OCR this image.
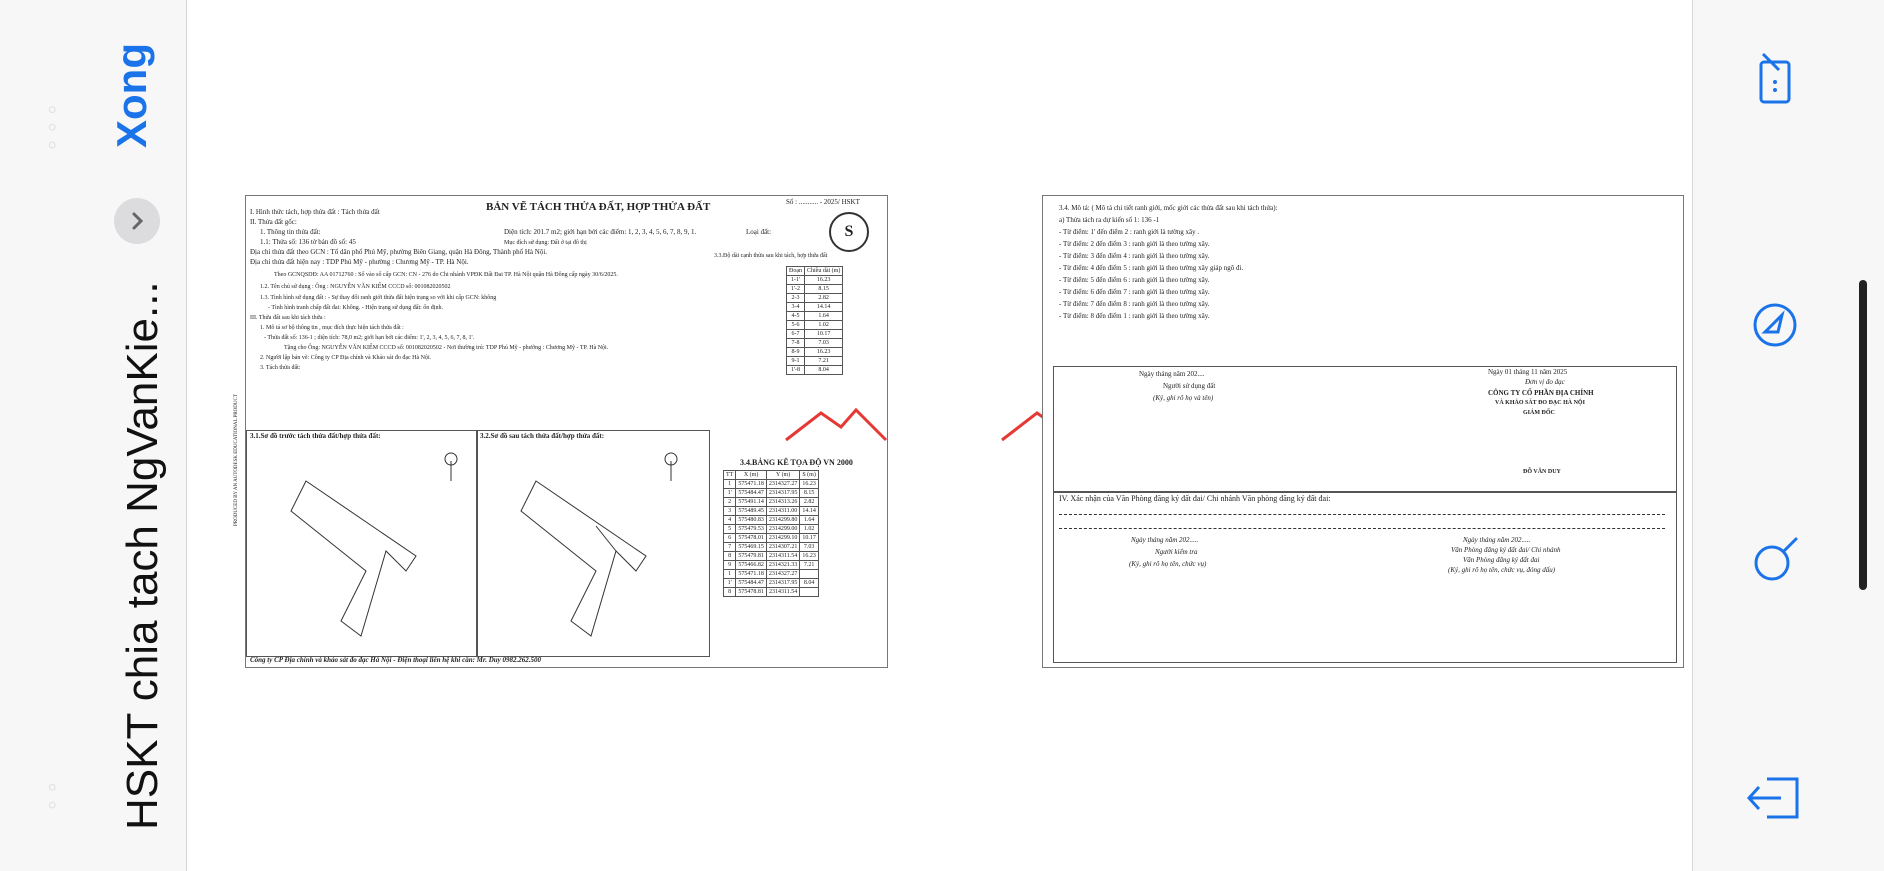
◦ ◦ ◦
◦ ◦
Xong
HSKT chia tach NgVanKie...	PRODUCED BY AN AUTODESK EDUCATIONAL PRODUCT
BẢN VẼ TÁCH THỬA ĐẤT, HỢP THỬA ĐẤT	Số : ........... - 2025/ HSKT
S
Diện tích: 201.7 m2; giới hạn bởi các điểm: 1, 2, 3, 4, 5, 6, 7, 8, 9, 1.	Loại đất:
Mục đích sử dụng: Đất ở tại đô thị
I. Hình thức tách, hợp thửa đất : Tách thửa đất
II. Thửa đất gốc:
1. Thông tin thửa đất:
1.1: Thửa số: 136 tờ bản đồ số: 45
Địa chỉ thửa đất theo GCN : Tổ dân phố Phú Mỹ, phường Biên Giang, quận Hà Đông, Thành phố Hà Nội.
Địa chỉ thửa đất hiện nay : TDP Phú Mỹ - phường : Chương Mỹ - TP. Hà Nội.
3.3.Độ dài cạnh thửa sau khi tách, hợp thửa đất
Theo GCNQSDĐ: AA 01712760 : Số vào sổ cấp GCN: CN - 276 do Chi nhánh VPĐK Đất Đai TP. Hà Nội quận Hà Đông cấp ngày 30/6/2025.
1.2. Tên chủ sử dụng : Ông : NGUYỄN VĂN KIỂM CCCD số: 001082020502
1.3. Tình hình sử dụng đất : - Sự thay đổi ranh giới thửa đất hiện trạng so với khi cấp GCN: không
- Tình hình tranh chấp đất đai: Không. - Hiện trạng sử dụng đất: ổn định.
III. Thửa đất sau khi tách thửa :
1. Mô tả sơ bộ thông tin , mục đích thực hiện tách thửa đất :
- Thửa đất số: 136-1 ; diện tích: 78,0 m2; giới hạn bởi các điểm: 1', 2, 3, 4, 5, 6, 7, 8, 1'.
Tặng cho Ông: NGUYỄN VĂN KIỂM CCCD số: 001082020502 - Nơi thường trú: TDP Phú Mỹ - phường : Chương Mỹ - TP. Hà Nội.
2. Người lập bản vẽ: Công ty CP Địa chính và Khảo sát đo đạc Hà Nội.
3. Tách thửa đất:
Đoạn	Chiều dài (m)
1-1'	16.23
1'-2	8.15
2-3	2.82
3-4	14.14
4-5	1.64
5-6	1.02
6-7	10.17
7-8	7.03
8-9	16.23
9-1	7.21
1'-8	8.04
3.1.Sơ đồ trước tách thửa đất/hợp thửa đất:	3.2.Sơ đồ sau tách thửa đất/hợp thửa đất:
3.4.BẢNG KÊ TỌA ĐỘ VN 2000
TT	X (m)	Y (m)	S (m)
1	575471.18	2314327.27	16.23
1'	575484.47	2314317.95	8.15
2	575491.14	2314313.26	2.82
3	575489.45	2314311.00	14.14
4	575480.83	2314299.80	1.64
5	575479.53	2314299.00	1.02
6	575478.01	2314299.10	10.17
7	575469.15	2314307.21	7.03
8	575479.81	2314311.54	16.23
9	575466.82	2314321.33	7.21
1	575471.18	2314327.27	
1'	575484.47	2314317.95	8.04
8	575478.81	2314311.54	
Công ty CP Địa chính và khảo sát đo đạc Hà Nội - Điện thoại liên hệ khi cần: Mr. Duy 0982.262.500
3.4. Mô tả: ( Mô tả chi tiết ranh giới, mốc giới các thửa đất sau khi tách thửa):
a) Thửa tách ra dự kiến số 1: 136 -1
- Từ điểm: 1' đến điểm 2 : ranh giới là tường xây .
- Từ điểm: 2 đến điểm 3 : ranh giới là theo tường xây.
- Từ điểm: 3 đến điểm 4 : ranh giới là theo tường xây.
- Từ điểm: 4 đến điểm 5 : ranh giới là theo tường xây giáp ngõ đi.
- Từ điểm: 5 đến điểm 6 : ranh giới là theo tường xây.
- Từ điểm: 6 đến điểm 7 : ranh giới là theo tường xây.
- Từ điểm: 7 đến điểm 8 : ranh giới là theo tường xây.
- Từ điểm: 8 đến điểm 1 : ranh giới là theo tường xây.
Ngày tháng năm 202....
Người sử dụng đất
(Ký, ghi rõ họ và tên)
Ngày 01 tháng 11 năm 2025
Đơn vị đo đạc
CÔNG TY CỔ PHẦN ĐỊA CHÍNH
VÀ KHẢO SÁT ĐO ĐẠC HÀ NỘI
GIÁM ĐỐC
ĐỖ VĂN DUY
IV. Xác nhận của Văn Phòng đăng ký đất đai/ Chi nhánh Văn phòng đăng ký đất đai:
Ngày tháng năm 202.....
Người kiểm tra
(Ký, ghi rõ họ tên, chức vụ)
Ngày tháng năm 202.....
Văn Phòng đăng ký đất đai/ Chi nhánh
Văn Phòng đăng ký đất đai
(Ký, ghi rõ họ tên, chức vụ, đóng dấu)
